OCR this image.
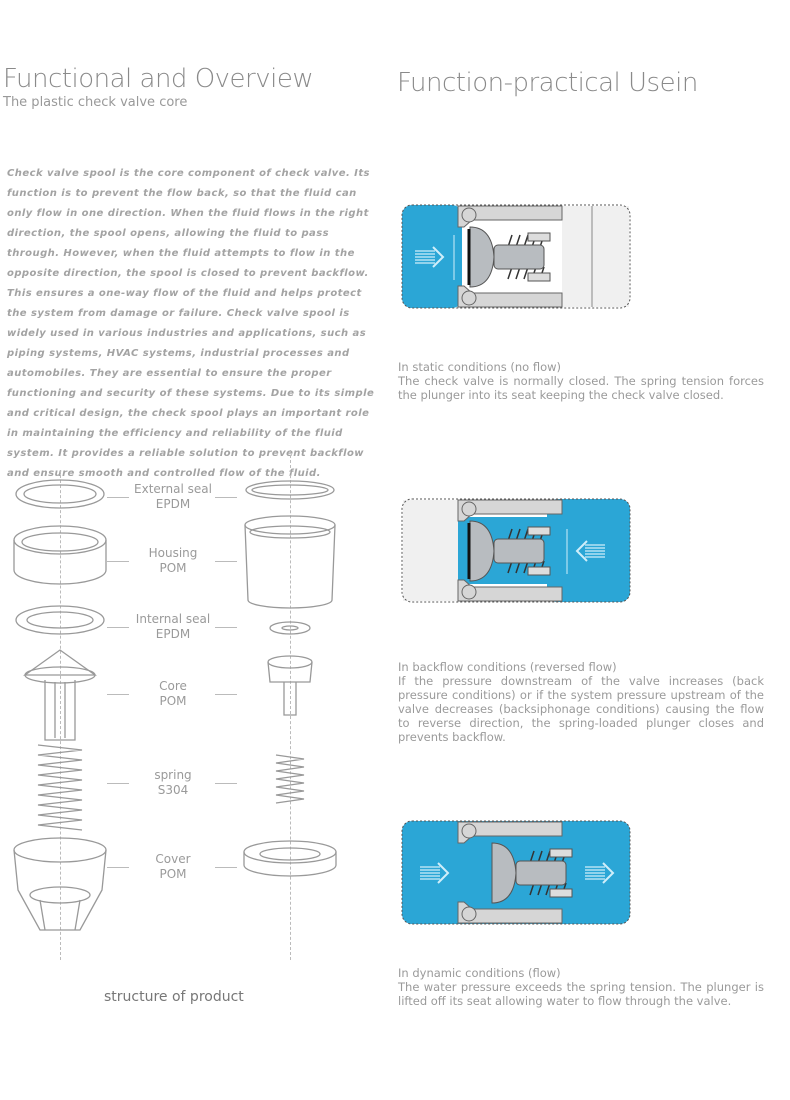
Functional and Overview
The plastic check valve core
Function-practical Usein
Check valve spool is the core component of check valve. Its function is to prevent the flow back, so that the fluid can only flow in one direction. When the fluid flows in the right direction, the spool opens, allowing the fluid to pass through. However, when the fluid attempts to flow in the opposite direction, the spool is closed to prevent backflow. This ensures a one-way flow of the fluid and helps protect the system from damage or failure. Check valve spool is widely used in various industries and applications, such as piping systems, HVAC systems, industrial processes and automobiles. They are essential to ensure the proper functioning and security of these systems. Due to its simple and critical design, the check spool plays an important role in maintaining the efficiency and reliability of the fluid system. It provides a reliable solution to prevent backflow and ensure smooth and controlled flow of the fluid.
External seal
EPDM
Housing
POM
Internal seal
EPDM
Core
POM
spring
S304
Cover
POM
structure of product
In static conditions (no flow)
The check valve is normally closed. The spring tension forces the plunger into its seat keeping the check valve closed.
In backflow conditions (reversed flow)
If the pressure downstream of the valve increases (back pressure conditions) or if the system pressure upstream of the valve decreases (backsiphonage conditions) causing the flow to reverse direction, the spring-loaded plunger closes and prevents backflow.
In dynamic conditions (flow)
The water pressure exceeds the spring tension. The plunger is lifted off its seat allowing water to flow through the valve.
